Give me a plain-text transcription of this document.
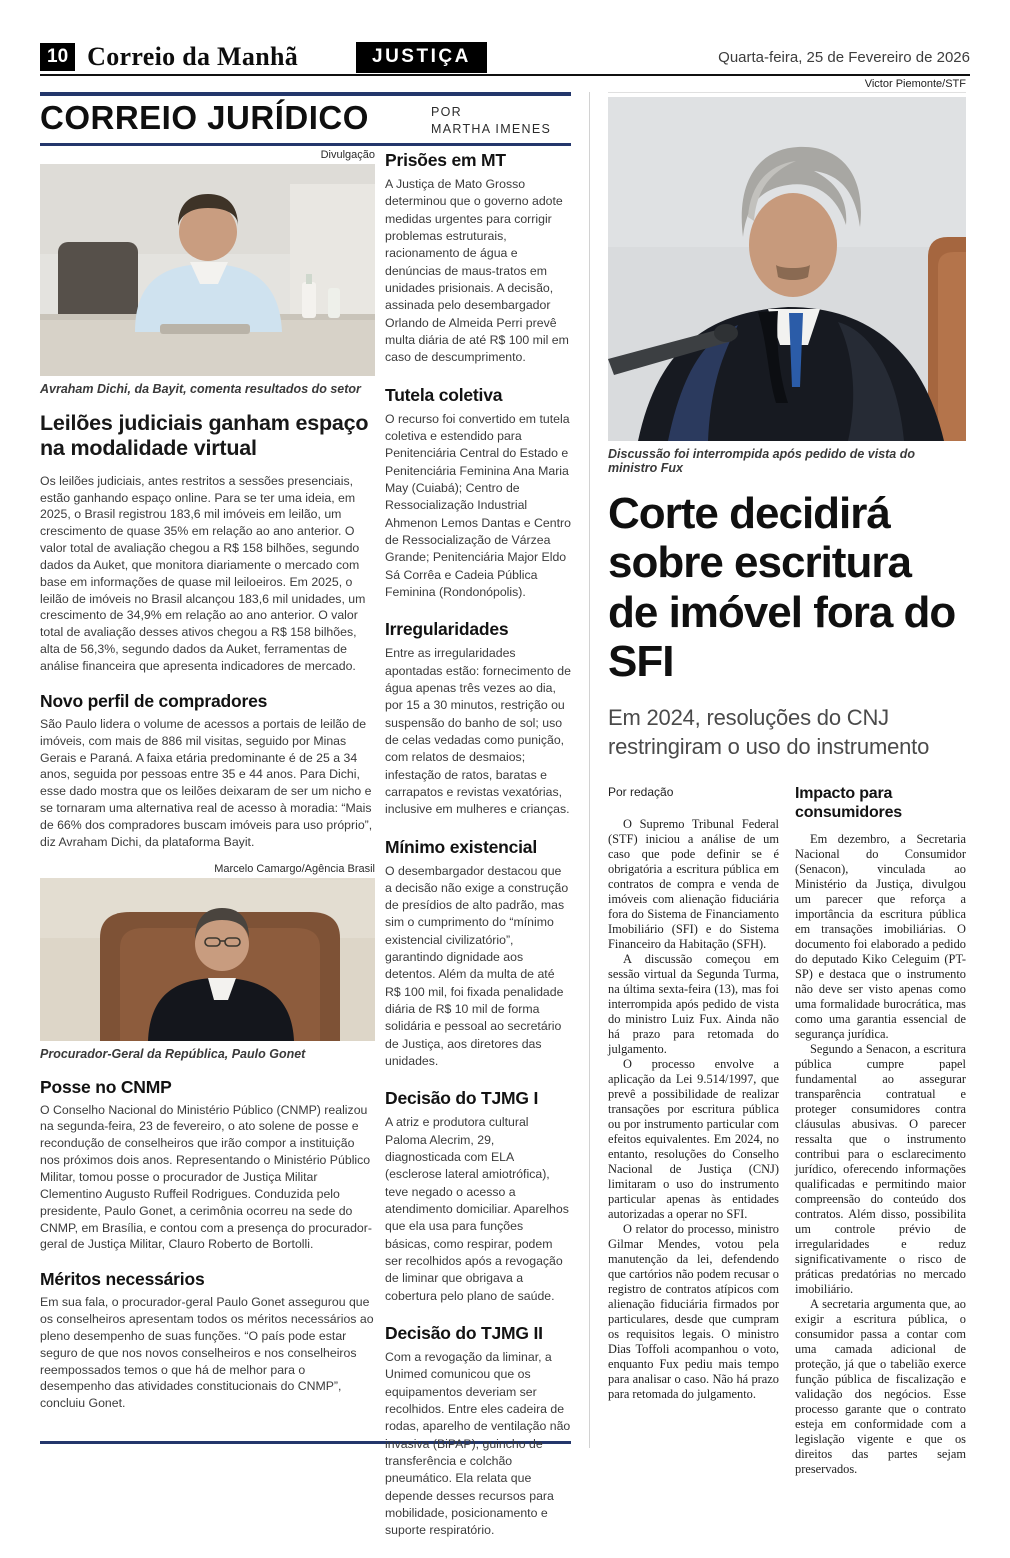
10 Correio da Manhã	JUSTIÇA	Quarta-feira, 25 de Fevereiro de 2026
Victor Piemonte/STF
CORREIO JURÍDICO	POR
MARTHA IMENES
Divulgação
Avraham Dichi, da Bayit, comenta resultados do setor
Leilões judiciais ganham espaço na modalidade virtual

Os leilões judiciais, antes restritos a sessões presenciais, estão ganhando espaço online. Para se ter uma ideia, em 2025, o Brasil registrou 183,6 mil imóveis em leilão, um crescimento de quase 35% em relação ao ano anterior. O valor total de avaliação chegou a R$ 158 bilhões, segundo dados da Auket, que monitora diariamente o mercado com base em informações de quase mil leiloeiros. Em 2025, o leilão de imóveis no Brasil alcançou 183,6 mil unidades, um crescimento de 34,9% em relação ao ano anterior. O valor total de avaliação desses ativos chegou a R$ 158 bilhões, alta de 56,3%, segundo dados da Auket, ferramentas de análise financeira que apresenta indicadores de mercado.

Novo perfil de compradores

São Paulo lidera o volume de acessos a portais de leilão de imóveis, com mais de 886 mil visitas, seguido por Minas Gerais e Paraná. A faixa etária predominante é de 25 a 34 anos, seguida por pessoas entre 35 e 44 anos. Para Dichi, esse dado mostra que os leilões deixaram de ser um nicho e se tornaram uma alternativa real de acesso à moradia: “Mais de 66% dos compradores buscam imóveis para uso próprio”, diz Avraham Dichi, da plataforma Bayit.

Marcelo Camargo/Agência Brasil
Procurador-Geral da República, Paulo Gonet
Posse no CNMP

O Conselho Nacional do Ministério Público (CNMP) realizou na segunda-feira, 23 de fevereiro, o ato solene de posse e recondução de conselheiros que irão compor a instituição nos próximos dois anos. Representando o Ministério Público Militar, tomou posse o procurador de Justiça Militar Clementino Augusto Ruffeil Rodrigues. Conduzida pelo presidente, Paulo Gonet, a cerimônia ocorreu na sede do CNMP, em Brasília, e contou com a presença do procurador-geral de Justiça Militar, Clauro Roberto de Bortolli.

Méritos necessários

Em sua fala, o procurador-geral Paulo Gonet assegurou que os conselheiros apresentam todos os méritos necessários ao pleno desempenho de suas funções. “O país pode estar seguro de que nos novos conselheiros e nos conselheiros reempossados temos o que há de melhor para o desempenho das atividades constitucionais do CNMP”, concluiu Gonet.

Prisões em MT

A Justiça de Mato Grosso determinou que o governo adote medidas urgentes para corrigir problemas estruturais, racionamento de água e denúncias de maus-tratos em unidades prisionais. A decisão, assinada pelo desembargador Orlando de Almeida Perri prevê multa diária de até R$ 100 mil em caso de descumprimento.

Tutela coletiva

O recurso foi convertido em tutela coletiva e estendido para Penitenciária Central do Estado e Penitenciária Feminina Ana Maria May (Cuiabá); Centro de Ressocialização Industrial Ahmenon Lemos Dantas e Centro de Ressocialização de Várzea Grande; Penitenciária Major Eldo Sá Corrêa e Cadeia Pública Feminina (Rondonópolis).

Irregularidades

Entre as irregularidades apontadas estão: fornecimento de água apenas três vezes ao dia, por 15 a 30 minutos, restrição ou suspensão do banho de sol; uso de celas vedadas como punição, com relatos de desmaios; infestação de ratos, baratas e carrapatos e revistas vexatórias, inclusive em mulheres e crianças.

Mínimo existencial

O desembargador destacou que a decisão não exige a construção de presídios de alto padrão, mas sim o cumprimento do “mínimo existencial civilizatório”, garantindo dignidade aos detentos. Além da multa de até R$ 100 mil, foi fixada penalidade diária de R$ 10 mil de forma solidária e pessoal ao secretário de Justiça, aos diretores das unidades.

Decisão do TJMG I

A atriz e produtora cultural Paloma Alecrim, 29, diagnosticada com ELA (esclerose lateral amiotrófica), teve negado o acesso a atendimento domiciliar. Aparelhos que ela usa para funções básicas, como respirar, podem ser recolhidos após a revogação de liminar que obrigava a cobertura pelo plano de saúde.

Decisão do TJMG II

Com a revogação da liminar, a Unimed comunicou que os equipamentos deveriam ser recolhidos. Entre eles cadeira de rodas, aparelho de ventilação não invasiva (BiPAP), guincho de transferência e colchão pneumático. Ela relata que depende desses recursos para mobilidade, posicionamento e suporte respiratório.

Discussão foi interrompida após pedido de vista do ministro Fux
Corte decidirá sobre escritura de imóvel fora do SFI
Em 2024, resoluções do CNJ restringiram o uso do instrumento
Por redação

O Supremo Tribunal Federal (STF) iniciou a análise de um caso que pode definir se é obrigatória a escritura pública em contratos de compra e venda de imóveis com alienação fiduciária fora do Sistema de Financiamento Imobiliário (SFI) e do Sistema Financeiro da Habitação (SFH).

A discussão começou em sessão virtual da Segunda Turma, na última sexta-feira (13), mas foi interrompida após pedido de vista do ministro Luiz Fux. Ainda não há prazo para retomada do julgamento.

O processo envolve a aplicação da Lei 9.514/1997, que prevê a possibilidade de realizar transações por escritura pública ou por instrumento particular com efeitos equivalentes. Em 2024, no entanto, resoluções do Conselho Nacional de Justiça (CNJ) limitaram o uso do instrumento particular apenas às entidades autorizadas a operar no SFI.

O relator do processo, ministro Gilmar Mendes, votou pela manutenção da lei, defendendo que cartórios não podem recusar o registro de contratos atípicos com alienação fiduciária firmados por particulares, desde que cumpram os requisitos legais. O ministro Dias Toffoli acompanhou o voto, enquanto Fux pediu mais tempo para analisar o caso. Não há prazo para retomada do julgamento.

Impacto para consumidores

Em dezembro, a Secretaria Nacional do Consumidor (Senacon), vinculada ao Ministério da Justiça, divulgou um parecer que reforça a importância da escritura pública em transações imobiliárias. O documento foi elaborado a pedido do deputado Kiko Celeguim (PT-SP) e destaca que o instrumento não deve ser visto apenas como uma formalidade burocrática, mas como uma garantia essencial de segurança jurídica.

Segundo a Senacon, a escritura pública cumpre papel fundamental ao assegurar transparência contratual e proteger consumidores contra cláusulas abusivas. O parecer ressalta que o instrumento contribui para o esclarecimento jurídico, oferecendo informações qualificadas e permitindo maior compreensão do conteúdo dos contratos. Além disso, possibilita um controle prévio de irregularidades e reduz significativamente o risco de práticas predatórias no mercado imobiliário.

A secretaria argumenta que, ao exigir a escritura pública, o consumidor passa a contar com uma camada adicional de proteção, já que o tabelião exerce função pública de fiscalização e validação dos negócios. Esse processo garante que o contrato esteja em conformidade com a legislação vigente e que os direitos das partes sejam preservados.
